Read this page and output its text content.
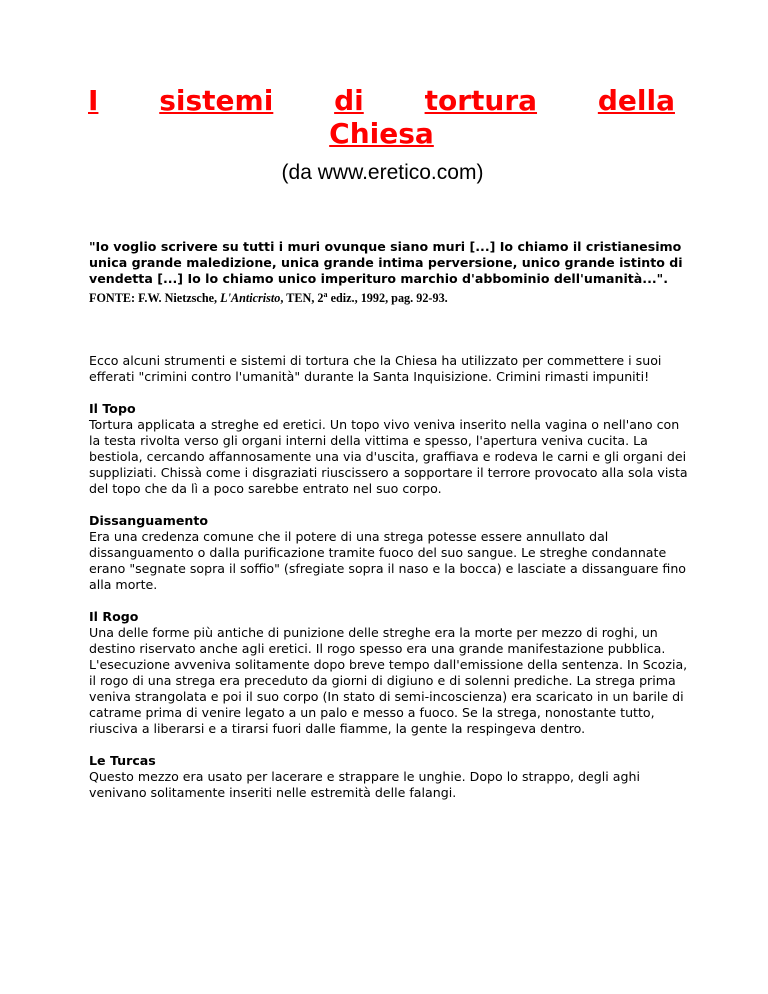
I sistemi di tortura della
Chiesa
(da www.eretico.com)
"Io voglio scrivere su tutti i muri ovunque siano muri [...] Io chiamo il cristianesimo unica grande maledizione, unica grande intima perversione, unico grande istinto di vendetta [...] Io lo chiamo unico imperituro marchio d'abbominio dell'umanità...".
FONTE: F.W. Nietzsche, L'Anticristo, TEN, 2$^a$ ediz., 1992, pag. 92-93.
Ecco alcuni strumenti e sistemi di tortura che la Chiesa ha utilizzato per commettere i suoi efferati "crimini contro l'umanità" durante la Santa Inquisizione. Crimini rimasti impuniti!
Il Topo

Tortura applicata a streghe ed eretici. Un topo vivo veniva inserito nella vagina o nell'ano con la testa rivolta verso gli organi interni della vittima e spesso, l'apertura veniva cucita. La bestiola, cercando affannosamente una via d'uscita, graffiava e rodeva le carni e gli organi dei suppliziati. Chissà come i disgraziati riuscissero a sopportare il terrore provocato alla sola vista del topo che da lì a poco sarebbe entrato nel suo corpo.

Dissanguamento

Era una credenza comune che il potere di una strega potesse essere annullato dal dissanguamento o dalla purificazione tramite fuoco del suo sangue. Le streghe condannate erano "segnate sopra il soffio" (sfregiate sopra il naso e la bocca) e lasciate a dissanguare fino alla morte.

Il Rogo

Una delle forme più antiche di punizione delle streghe era la morte per mezzo di roghi, un destino riservato anche agli eretici. Il rogo spesso era una grande manifestazione pubblica. L'esecuzione avveniva solitamente dopo breve tempo dall'emissione della sentenza. In Scozia, il rogo di una strega era preceduto da giorni di digiuno e di solenni prediche. La strega prima veniva strangolata e poi il suo corpo (In stato di semi-incoscienza) era scaricato in un barile di catrame prima di venire legato a un palo e messo a fuoco. Se la strega, nonostante tutto, riusciva a liberarsi e a tirarsi fuori dalle fiamme, la gente la respingeva dentro.

Le Turcas

Questo mezzo era usato per lacerare e strappare le unghie. Dopo lo strappo, degli aghi venivano solitamente inseriti nelle estremità delle falangi.
